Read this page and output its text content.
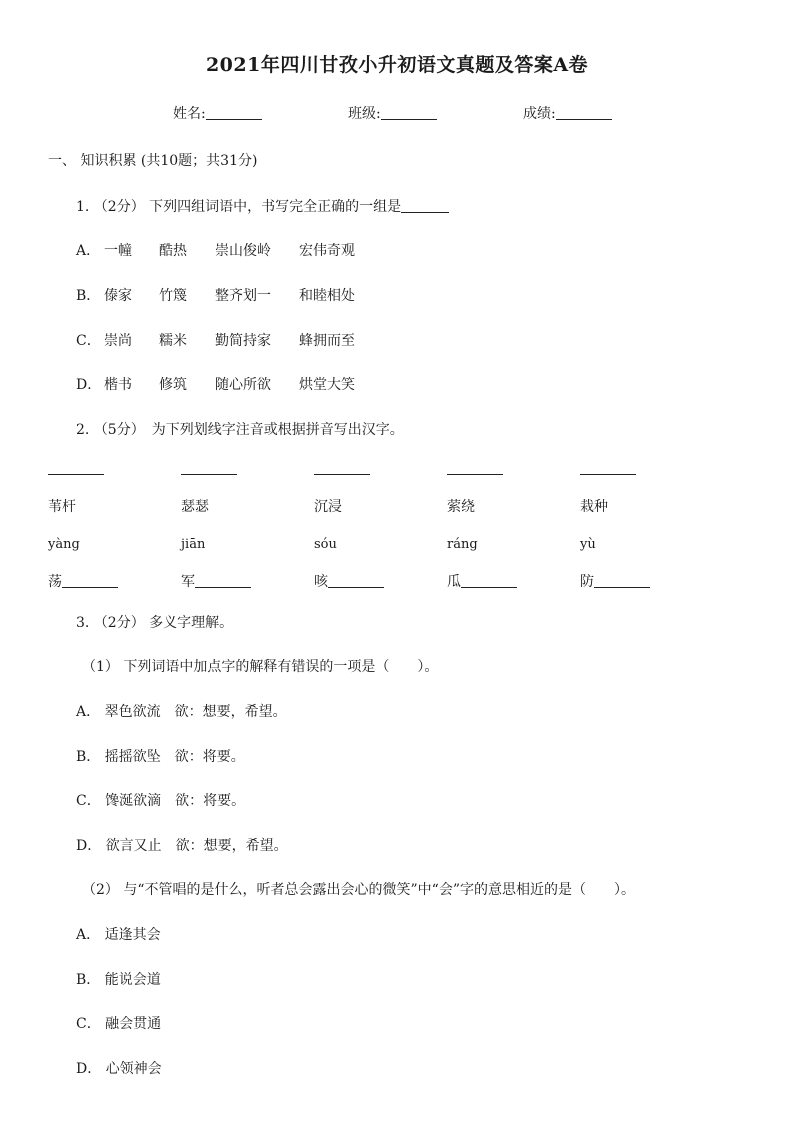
2021年四川甘孜小升初语文真题及答案A卷
姓名:	班级:	成绩:
一、 知识积累 (共10题；共31分)
1. （2分） 下列四组词语中，书写完全正确的一组是
A． 一幢 酷热 崇山俊岭 宏伟奇观
B． 傣家 竹篾 整齐划一 和睦相处
C． 崇尚 糯米 勤简持家 蜂拥而至
D． 楷书 修筑 随心所欲 烘堂大笑
2. （5分）　为下列划线字注音或根据拼音写出汉字。
苇杆	瑟瑟	沉浸	萦绕	栽种
yàng	jiān	sóu	ráng	yù
荡	军	咳	瓜	防
3. （2分） 多义字理解。
（1） 下列词语中加点字的解释有错误的一项是（　　）。
A． 翠色欲流　欲：想要，希望。
B． 摇摇欲坠　欲：将要。
C． 馋涎欲滴　欲：将要。
D． 欲言又止　欲：想要，希望。
（2） 与“不管唱的是什么，听者总会露出会心的微笑”中“会”字的意思相近的是（　　）。
A． 适逢其会
B． 能说会道
C． 融会贯通
D． 心领神会
